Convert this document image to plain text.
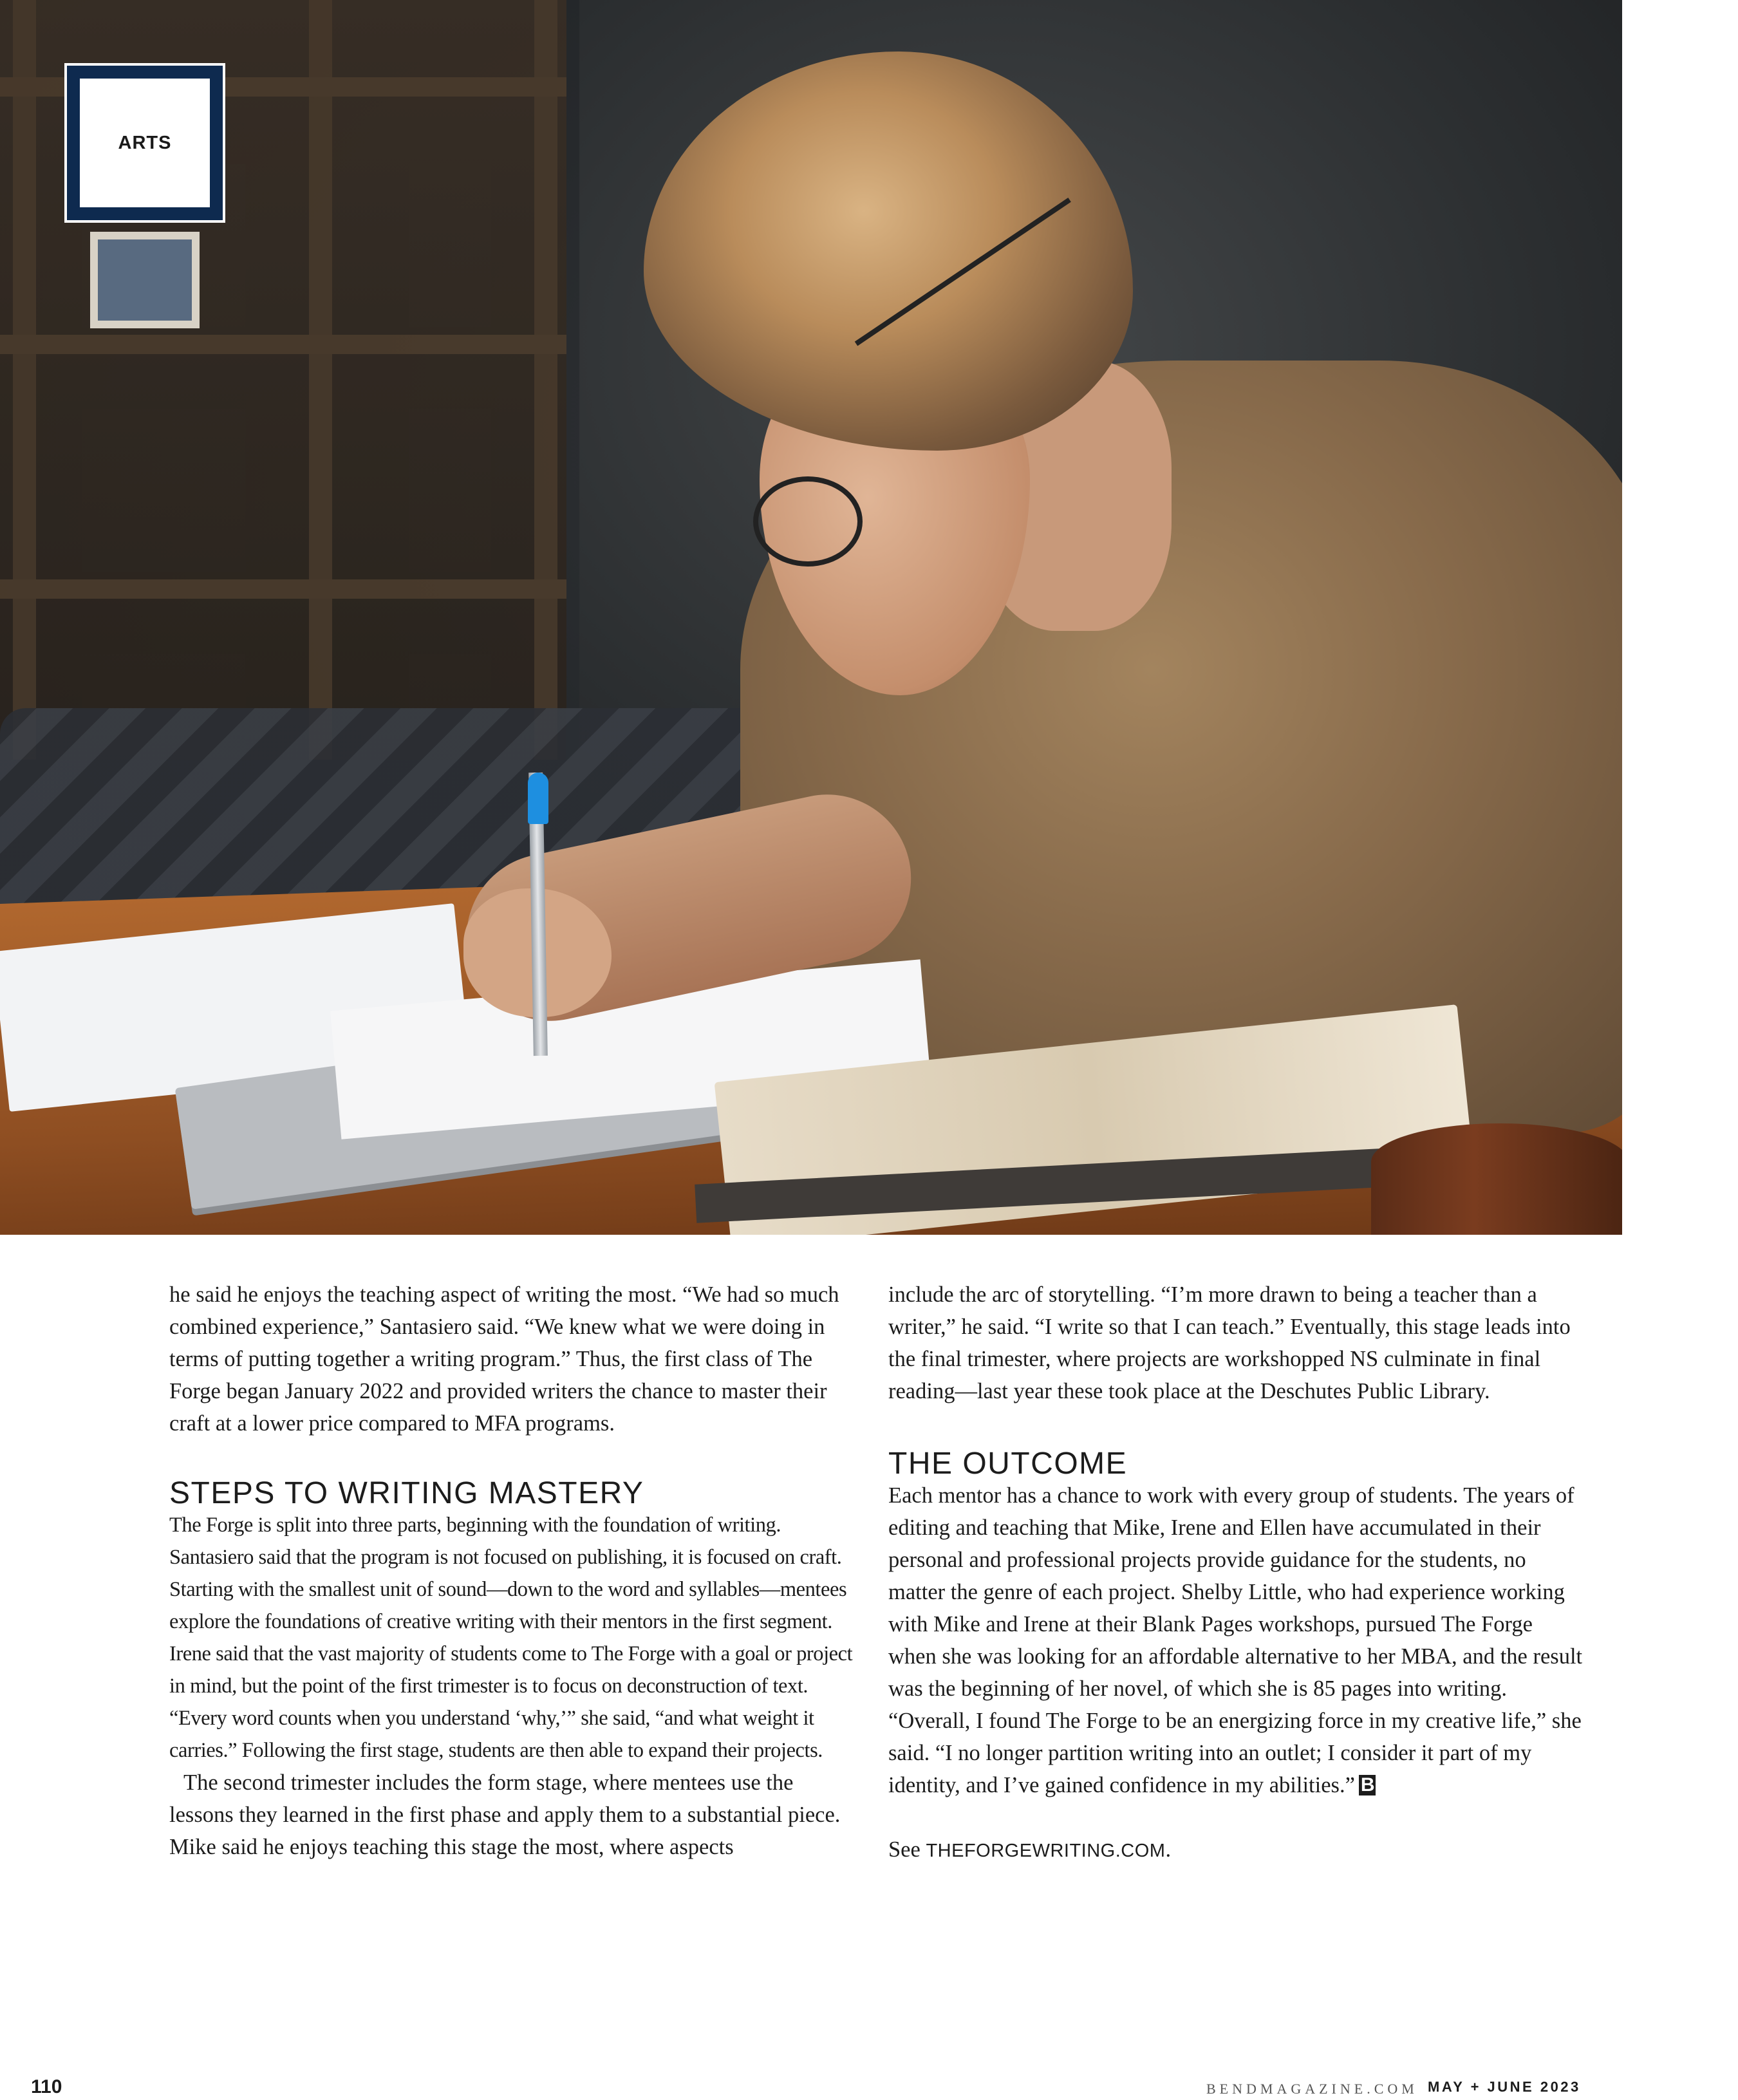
ARTS

he said he enjoys the teaching aspect of writing the most. “We had so much combined experience,” Santasiero said. “We knew what we were doing in terms of putting together a writing program.” Thus, the first class of The Forge began January 2022 and provided writers the chance to master their craft at a lower price compared to MFA programs.

STEPS TO WRITING MASTERY

The Forge is split into three parts, beginning with the foundation of writing. Santasiero said that the program is not focused on publishing, it is focused on craft. Starting with the smallest unit of sound—down to the word and syllables—mentees explore the foundations of creative writing with their mentors in the first segment. Irene said that the vast majority of students come to The Forge with a goal or project in mind, but the point of the first trimester is to focus on deconstruction of text. “Every word counts when you understand ‘why,’” she said, “and what weight it carries.” Following the first stage, students are then able to expand their projects.

The second trimester includes the form stage, where mentees use the lessons they learned in the first phase and apply them to a substantial piece. Mike said he enjoys teaching this stage the most, where aspects

include the arc of storytelling. “I’m more drawn to being a teacher than a writer,” he said. “I write so that I can teach.” Eventually, this stage leads into the final trimester, where projects are workshopped NS culminate in final reading—last year these took place at the Deschutes Public Library.

THE OUTCOME

Each mentor has a chance to work with every group of students. The years of editing and teaching that Mike, Irene and Ellen have accumulated in their personal and professional projects provide guidance for the students, no matter the genre of each project. Shelby Little, who had experience working with Mike and Irene at their Blank Pages workshops, pursued The Forge when she was looking for an affordable alternative to her MBA, and the result was the beginning of her novel, of which she is 85 pages into writing. “Overall, I found The Forge to be an energizing force in my creative life,” she said. “I no longer partition writing into an outlet; I consider it part of my identity, and I’ve gained confidence in my abilities.” B

See THEFORGEWRITING.COM.

110	BENDMAGAZINE.COM MAY + JUNE 2023
